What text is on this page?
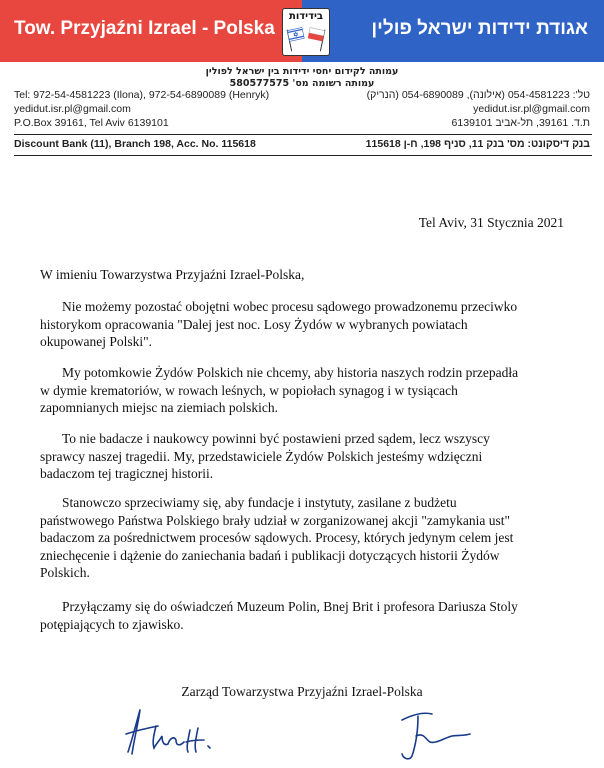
Tow. Przyjaźni Izrael - Polska	אגודת ידידות ישראל פולין
בידידות
עמותה לקידום יחסי ידידות בין ישראל לפולין
עמותה רשומה מס' 580577575
Tel: 972-54-4581223 (Ilona), 972-54-6890089 (Henryk)
yedidut.isr.pl@gmail.com
P.O.Box 39161, Tel Aviv 6139101
טל': 054-4581223 (אילונה), 054-6890089 (הנריק)
yedidut.isr.pl@gmail.com
ת.ד. 39161, תל-אביב 6139101
Discount Bank (11), Branch 198, Acc. No. 115618	בנק דיסקונט: מס' בנק 11, סניף 198, ח-ן 115618
Tel Aviv, 31 Stycznia 2021
W imieniu Towarzystwa Przyjaźni Izrael-Polska,
Nie możemy pozostać obojętni wobec procesu sądowego prowadzonemu przeciwko
historykom opracowania "Dalej jest noc. Losy Żydów w wybranych powiatach
okupowanej Polski".
My potomkowie Żydów Polskich nie chcemy, aby historia naszych rodzin przepadła
w dymie krematoriów, w rowach leśnych, w popiołach synagog i w tysiącach
zapomnianych miejsc na ziemiach polskich.
To nie badacze i naukowcy powinni być postawieni przed sądem, lecz wszyscy
sprawcy naszej tragedii. My, przedstawiciele Żydów Polskich jesteśmy wdzięczni
badaczom tej tragicznej historii.
Stanowczo sprzeciwiamy się, aby fundacje i instytuty, zasilane z budżetu
państwowego Państwa Polskiego brały udział w zorganizowanej akcji "zamykania ust"
badaczom za pośrednictwem procesów sądowych. Procesy, których jedynym celem jest
zniechęcenie i dążenie do zaniechania badań i publikacji dotyczących historii Żydów
Polskich.
Przyłączamy się do oświadczeń Muzeum Polin, Bnej Brit i profesora Dariusza Stoly
potępiających to zjawisko.
Zarząd Towarzystwa Przyjaźni Izrael-Polska
